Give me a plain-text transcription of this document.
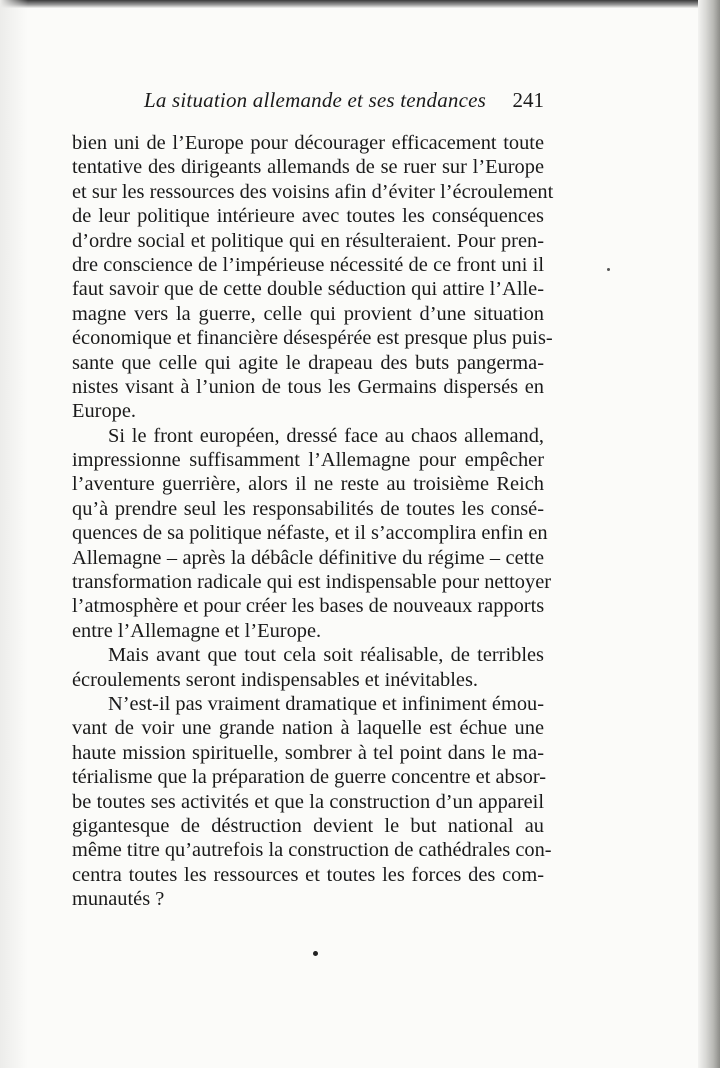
La situation allemande et ses tendances 241
bien uni de l’Europe pour décourager efficacement toute
tentative des dirigeants allemands de se ruer sur l’Europe
et sur les ressources des voisins afin d’éviter l’écroulement
de leur politique intérieure avec toutes les conséquences
d’ordre social et politique qui en résulteraient. Pour pren-
dre conscience de l’impérieuse nécessité de ce front uni il
faut savoir que de cette double séduction qui attire l’Alle-
magne vers la guerre, celle qui provient d’une situation
économique et financière désespérée est presque plus puis-
sante que celle qui agite le drapeau des buts pangerma-
nistes visant à l’union de tous les Germains dispersés en
Europe.
Si le front européen, dressé face au chaos allemand,
impressionne suffisamment l’Allemagne pour empêcher
l’aventure guerrière, alors il ne reste au troisième Reich
qu’à prendre seul les responsabilités de toutes les consé-
quences de sa politique néfaste, et il s’accomplira enfin en
Allemagne – après la débâcle définitive du régime – cette
transformation radicale qui est indispensable pour nettoyer
l’atmosphère et pour créer les bases de nouveaux rapports
entre l’Allemagne et l’Europe.
Mais avant que tout cela soit réalisable, de terribles
écroulements seront indispensables et inévitables.
N’est-il pas vraiment dramatique et infiniment émou-
vant de voir une grande nation à laquelle est échue une
haute mission spirituelle, sombrer à tel point dans le ma-
térialisme que la préparation de guerre concentre et absor-
be toutes ses activités et que la construction d’un appareil
gigantesque de déstruction devient le but national au
même titre qu’autrefois la construction de cathédrales con-
centra toutes les ressources et toutes les forces des com-
munautés ?
